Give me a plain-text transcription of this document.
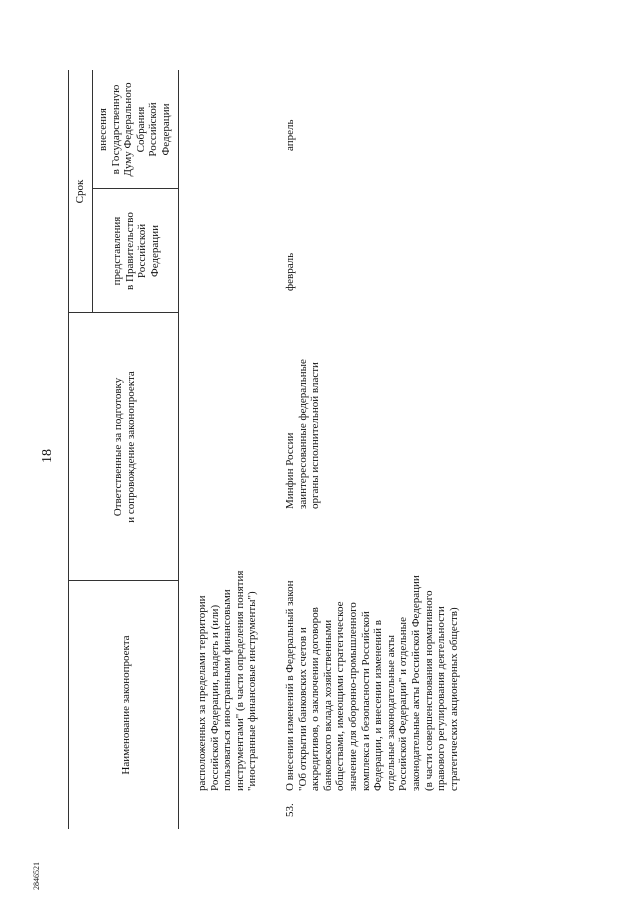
18
2846521
Наименование законопроекта
Ответственные за подготовку и сопровождение законопроекта
Срок
представления в Правительство Российской Федерации
внесения в Государственную Думу Федерального Собрания Российской Федерации
расположенных за пределами территории Российской Федерации, владеть и (или) пользоваться иностранными финансовыми инструментами" (в части определения понятия "иностранные финансовые инструменты")
53.
О внесении изменений в Федеральный закон "Об открытии банковских счетов и аккредитивов, о заключении договоров банковского вклада хозяйственными обществами, имеющими стратегическое значение для оборонно-промышленного комплекса и безопасности Российской Федерации, и внесении изменений в отдельные законодательные акты Российской Федерации" и отдельные законодательные акты Российской Федерации (в части совершенствования нормативного правового регулирования деятельности стратегических акционерных обществ)
Минфин России заинтересованные федеральные органы исполнительной власти
февраль
апрель
